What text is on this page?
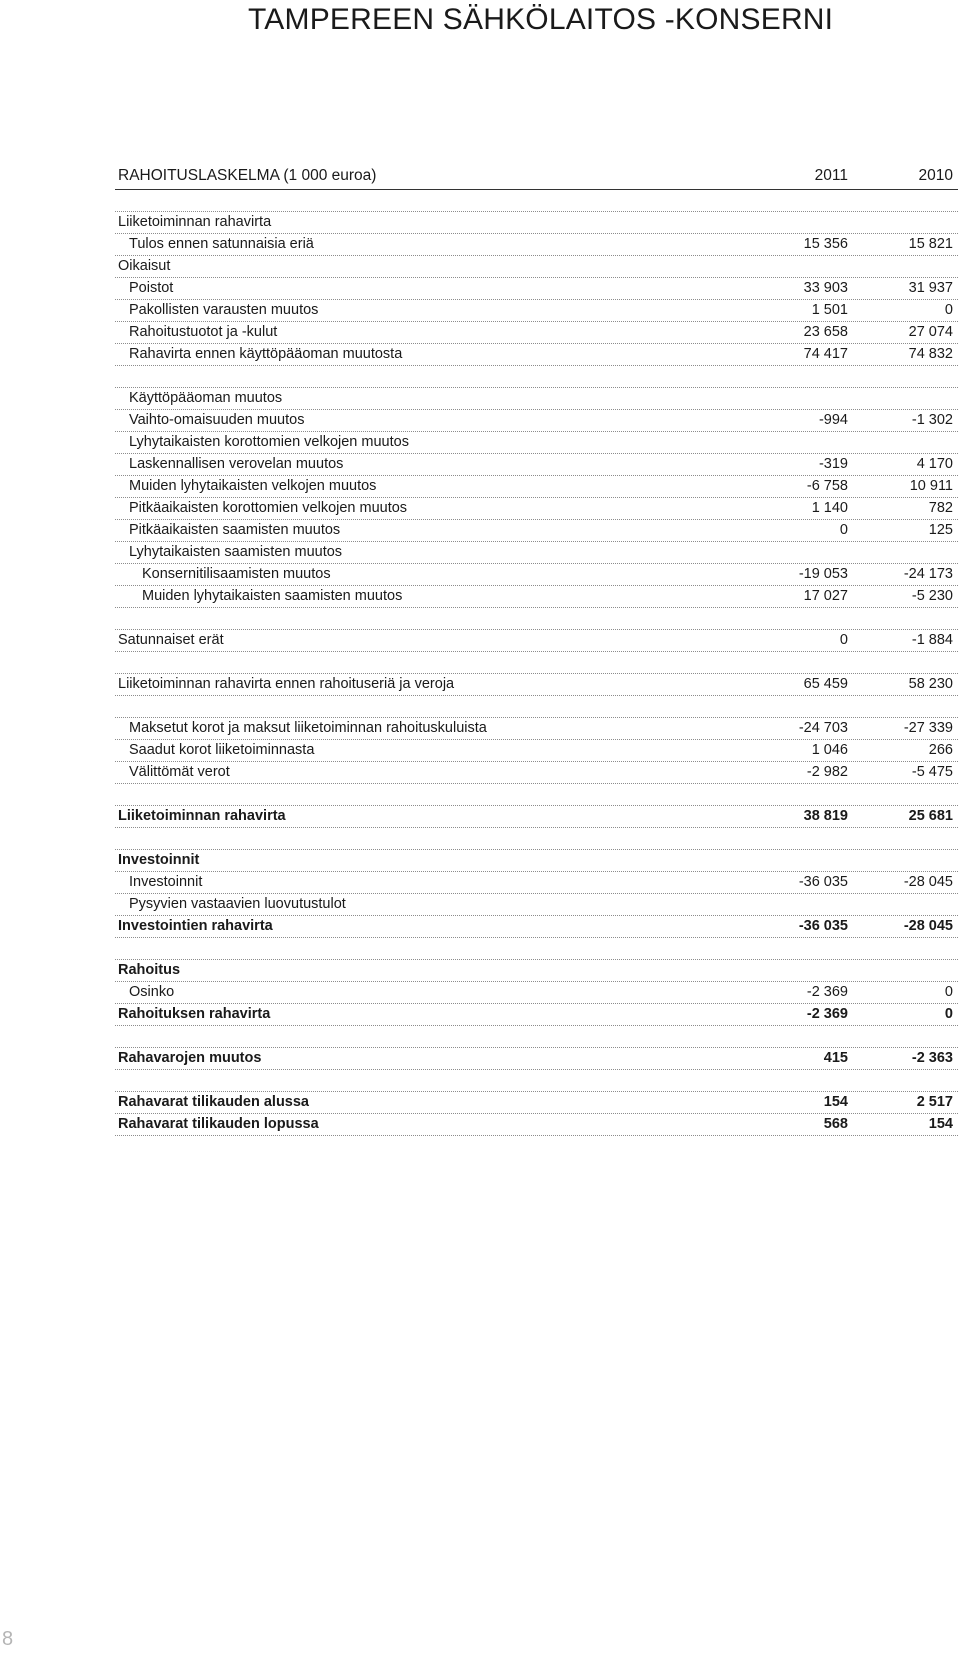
TAMPEREEN SÄHKÖLAITOS -KONSERNI
RAHOITUSLASKELMA (1 000 euroa)	2011	2010
Liiketoiminnan rahavirta
Tulos ennen satunnaisia eriä	15 356	15 821
Oikaisut
Poistot	33 903	31 937
Pakollisten varausten muutos	1 501	0
Rahoitustuotot ja -kulut	23 658	27 074
Rahavirta ennen käyttöpääoman muutosta	74 417	74 832
Käyttöpääoman muutos
Vaihto-omaisuuden muutos	-994	-1 302
Lyhytaikaisten korottomien velkojen muutos
Laskennallisen verovelan muutos	-319	4 170
Muiden lyhytaikaisten velkojen muutos	-6 758	10 911
Pitkäaikaisten korottomien velkojen muutos	1 140	782
Pitkäaikaisten saamisten muutos	0	125
Lyhytaikaisten saamisten muutos
Konsernitilisaamisten muutos	-19 053	-24 173
Muiden lyhytaikaisten saamisten muutos	17 027	-5 230
Satunnaiset erät	0	-1 884
Liiketoiminnan rahavirta ennen rahoituseriä ja veroja	65 459	58 230
Maksetut korot ja maksut liiketoiminnan rahoituskuluista	-24 703	-27 339
Saadut korot liiketoiminnasta	1 046	266
Välittömät verot	-2 982	-5 475
Liiketoiminnan rahavirta	38 819	25 681
Investoinnit
Investoinnit	-36 035	-28 045
Pysyvien vastaavien luovutustulot
Investointien rahavirta	-36 035	-28 045
Rahoitus
Osinko	-2 369	0
Rahoituksen rahavirta	-2 369	0
Rahavarojen muutos	415	-2 363
Rahavarat tilikauden alussa	154	2 517
Rahavarat tilikauden lopussa	568	154
8
